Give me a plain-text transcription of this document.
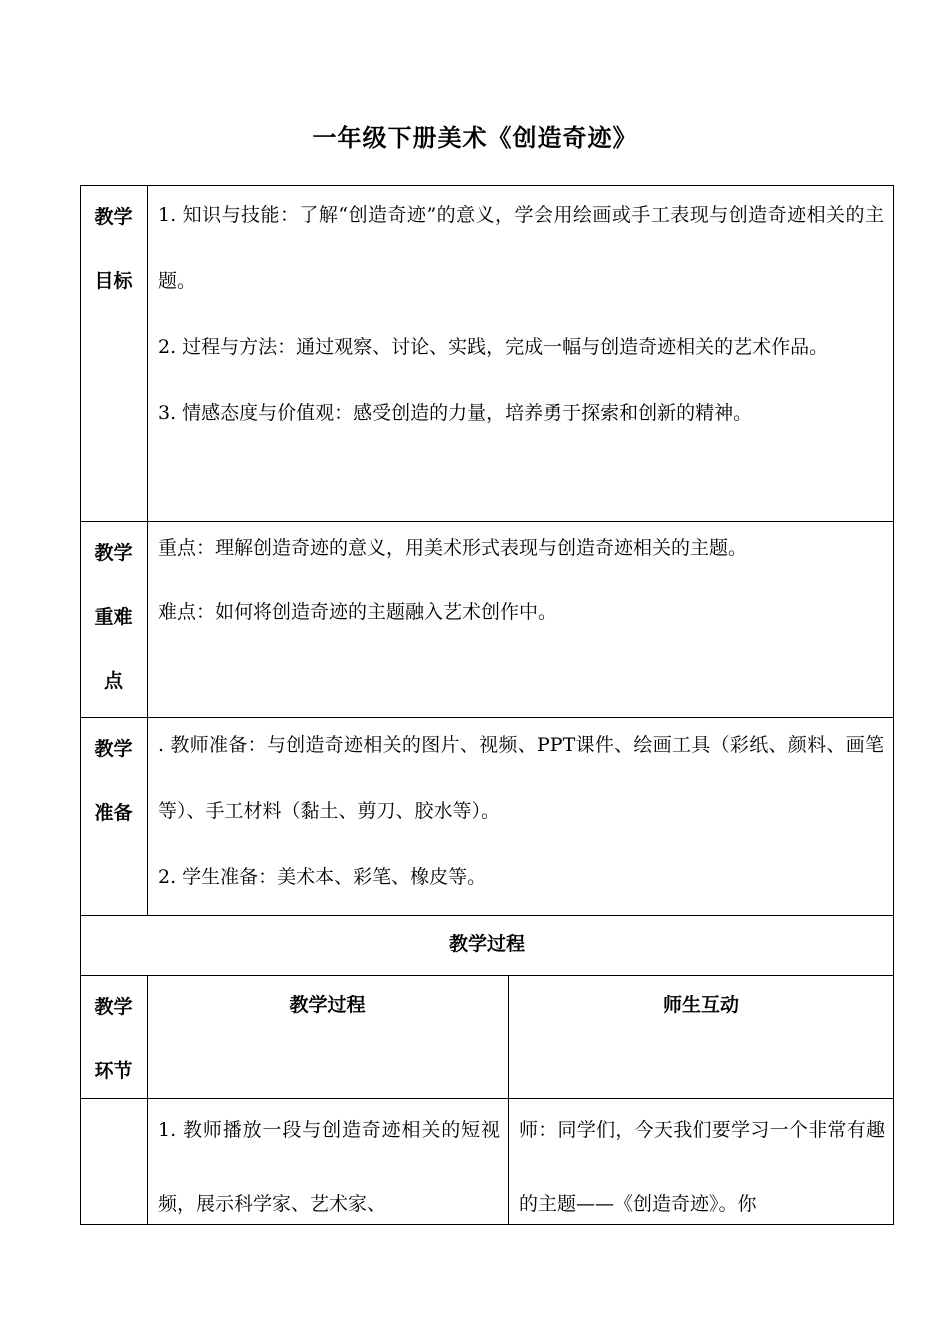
一年级下册美术《创造奇迹》
教学
目标

1. 知识与技能：了解“创造奇迹”的意义，学会用绘画或手工表现与创造奇迹相关的主题。

2. 过程与方法：通过观察、讨论、实践，完成一幅与创造奇迹相关的艺术作品。

3. 情感态度与价值观：感受创造的力量，培养勇于探索和创新的精神。

教学
重难
点

重点：理解创造奇迹的意义，用美术形式表现与创造奇迹相关的主题。

难点：如何将创造奇迹的主题融入艺术创作中。

教学
准备

. 教师准备：与创造奇迹相关的图片、视频、PPT课件、绘画工具（彩纸、颜料、画笔等）、手工材料（黏土、剪刀、胶水等）。

2. 学生准备：美术本、彩笔、橡皮等。

教学过程
教学
环节
教学过程	师生互动
1. 教师播放一段与创造奇迹相关的短视频，展示科学家、艺术家、
师：同学们，今天我们要学习一个非常有趣的主题——《创造奇迹》。你
